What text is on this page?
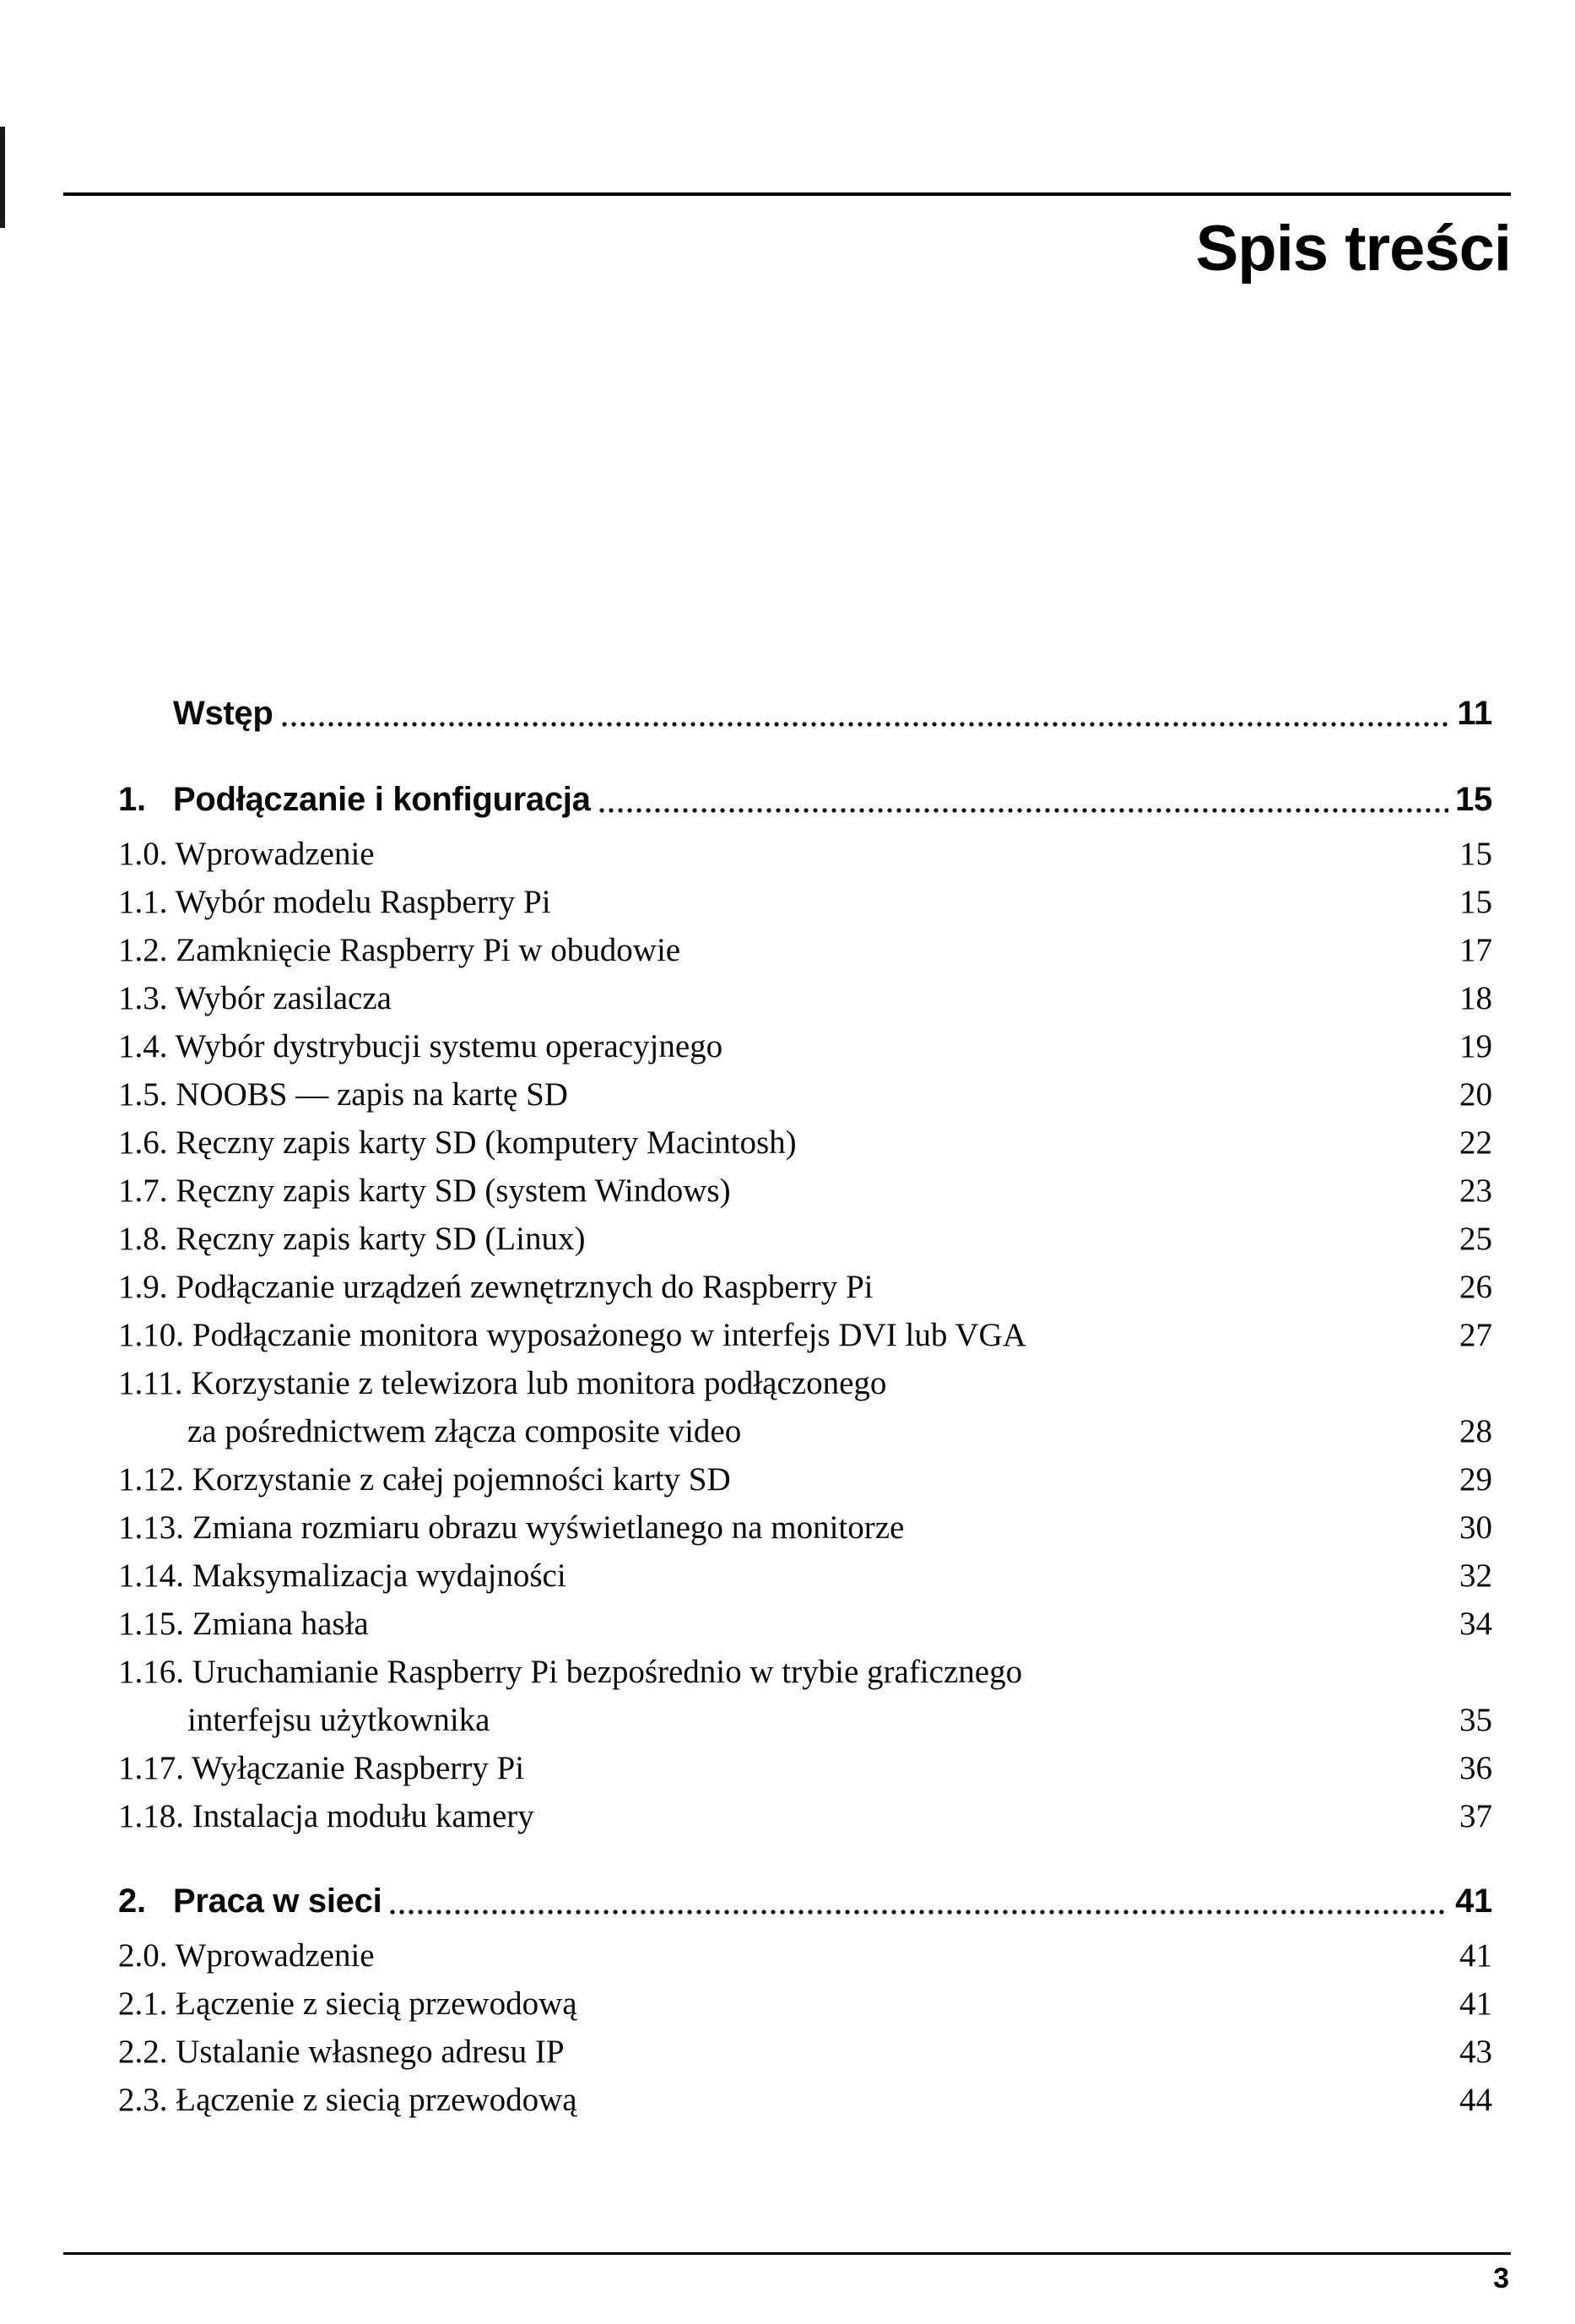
Spis treści
Wstęp	11
1. Podłączanie i konfiguracja	15
1.0. Wprowadzenie	15
1.1. Wybór modelu Raspberry Pi	15
1.2. Zamknięcie Raspberry Pi w obudowie	17
1.3. Wybór zasilacza	18
1.4. Wybór dystrybucji systemu operacyjnego	19
1.5. NOOBS — zapis na kartę SD	20
1.6. Ręczny zapis karty SD (komputery Macintosh)	22
1.7. Ręczny zapis karty SD (system Windows)	23
1.8. Ręczny zapis karty SD (Linux)	25
1.9. Podłączanie urządzeń zewnętrznych do Raspberry Pi	26
1.10. Podłączanie monitora wyposażonego w interfejs DVI lub VGA	27
1.11. Korzystanie z telewizora lub monitora podłączonego
za pośrednictwem złącza composite video	28
1.12. Korzystanie z całej pojemności karty SD	29
1.13. Zmiana rozmiaru obrazu wyświetlanego na monitorze	30
1.14. Maksymalizacja wydajności	32
1.15. Zmiana hasła	34
1.16. Uruchamianie Raspberry Pi bezpośrednio w trybie graficznego
interfejsu użytkownika	35
1.17. Wyłączanie Raspberry Pi	36
1.18. Instalacja modułu kamery	37
2. Praca w sieci	41
2.0. Wprowadzenie	41
2.1. Łączenie z siecią przewodową	41
2.2. Ustalanie własnego adresu IP	43
2.3. Łączenie z siecią przewodową	44
3
